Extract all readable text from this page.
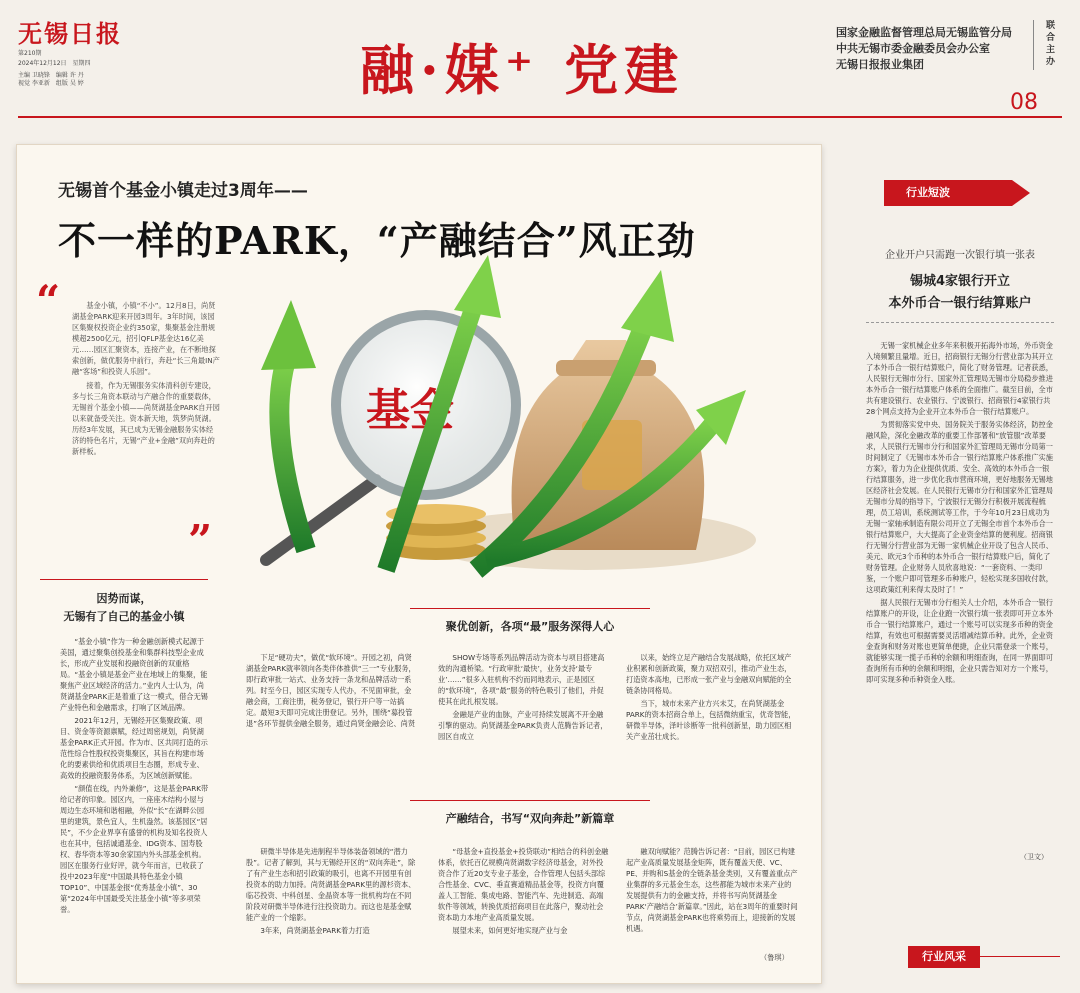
无锡日报
第210期
2024年12月12日　星期四
主编 卫晓锋　编辑 许 丹
视觉 李亚新　组版 吴 婷	融·媒⁺ 党建
国家金融监督管理总局无锡监管分局
中共无锡市委金融委员会办公室
无锡日报报业集团
联合主办
08
无锡首个基金小镇走过3周年——
不一样的PARK，“产融结合”风正劲
“	基金小镇，小镇“不小”。12月8日，尚贤湖基金PARK迎来开园3周年。3年时间，该园区集聚权投资企业约350家，集聚基金注册规模超2500亿元，招引QFLP基金达16亿美元……园区汇聚资本，连接产业，在不断地探索创新，做优服务中前行，奔赴“长三角最IN产融“客场”和投资人乐园”。

接着，作为无锡服务实体清科创专建设，多与长三角资本联动与产融合作的重要载体，无锡首个基金小镇——尚贤湖基金PARK自开园以来就备受关注。资本新天地，筑梦尚贤湖。历经3年发展，其已成为无锡金融服务实体经济的特色名片，无锡“产业+金融”双向奔赴的新样板。

”
基金
因势而谋，
无锡有了自己的基金小镇

“基金小镇”作为一种金融创新模式起源于美国，通过聚集创投基金和集群科技型企业成长，形成产业发展和投融资创新的双重格局。“基金小镇是基金产业在地域上的集聚，能聚焦产业区域经济的活力。”业内人士认为，尚贤湖基金PARK正是着重了这一模式，借合无锡产业特色和金融需求，打响了区域品牌。

2021年12月，无锡经开区集聚政策、项目、资金等资源禀赋，经过周密规划，尚贤湖基金PARK正式开园。作为市、区共同打造的示范性综合性股权投资集聚区，其旨在构建市场化的要素供给和优质项目生态圈，形成专业、高效的投融资服务体系，为区域创新赋能。

“颜值在线，内外兼修”，这是基金PARK带给记者的印象。园区内，一座座木结构小屋与周边生态环境和谐相融，外似“长”在湖畔公园里的建筑，景色宜人，生机盎然。该基园区“居民”，不少企业界享有盛誉的机构及知名投资人也在其中，包括诚通基金、IDG资本、国寿股权、春华资本等30余家国内外头部基金机构。园区在服务行业好评，就今年而言，已收获了投中2023年度“中国最具特色基金小镇TOP10”、中国基金报“优秀基金小镇”、30第“2024年中国最受关注基金小镇”等多项荣誉。

聚优创新，各项“最”服务深得人心

下足“硬功夫”，做优“软环境”。开园之初，尚贤湖基金PARK就率领向各类伴体推供“三一”专业服务，即行政审批一站式、业务支持一条龙和品牌活动一系列。时至今日，园区实现专人代办，不见面审批，金融会商，工商注册，税务登记，银行开户等一站搞定。最短3天即可完成注册登记。另外，围绕“募投管退”各环节提供金融全服务，通过尚贤金融会论、尚贤

SHOW专场等系列品牌活动为资本与项目搭建高效的沟通桥梁。“行政审批‘最快’，业务支持‘最专业’……”很多入驻机构不约而同地表示，正是园区的“软环境”，各项“最”服务的特色吸引了他们，并促使其在此扎根发展。

金融是产业的血脉，产业可持续发展离不开金融引擎的驱动。尚贤湖基金PARK负责人范腾告诉记者，园区自成立

以来，始终立足产融结合发展战略，依托区域产业积累和创新政策，聚力双招双引，推动产业生态，打造资本高地，已形成一张产业与金融双向赋能的全链条协同格局。

当下，城市未来产业方兴未艾，在尚贤湖基金PARK的资本招商合单上，包括微纳重宝，优奇智能，研微半导体，泽叶诊断等一批科创新星，助力园区相关产业茁壮成长。

产融结合，书写“双向奔赴”新篇章

研微半导体是先进制程半导体装备领域的“潜力股”。记者了解到，其与无锡经开区的“双向奔赴”，除了有产业生态和招引政策的吸引，也离不开园里有创投资本的助力加持。尚贤湖基金PARK里的源杉资本、临芯投资、中科创星、金晶资本等一批机构均在不同阶段对研微半导体进行注投资助力。而这也是基金赋能产业的一个缩影。

3年来，尚贤湖基金PARK着力打造

“母基金+直投基金+投贷联动”相结合的科创金融体系，依托百亿规模尚贤湖数字经济母基金，对外投资合作了近20支专业子基金，合作管理人包括头部综合性基金、CVC、垂直赛道精品基金等，投资方向覆盖人工智能、集成电路、智能汽车、先进制造、高端软件等领域，转换优质招商项目在此落户，聚动社会资本助力本地产业高质量发展。

展望未来，如何更好地实现产业与金

融双向赋能？范腾告诉记者：“目前，园区已构建起产业高质量发展基金矩阵，既有覆盖天使、VC、PE、并购和S基金的全链条基金类别，又有覆盖重点产业集群的多元基金生态，这些都能为城市未来产业的发展提供有力的金融支持，并将书写尚贤湖基金PARK‘产融结合’新篇章。”因此，站在3周年的重要时间节点，尚贤湖基金PARK也将乘势而上，迎接新的发展机遇。

（鲁琪）
行业短波
企业开户只需跑一次银行填一张表
锡城4家银行开立
本外币合一银行结算账户

无锡一家机械企业多年来积极开拓海外市场，外币资金入境频繁且量增。近日，招商银行无锡分行营业部为其开立了本外币合一银行结算账户，简化了财务管理。记者获悉，人民银行无锡市分行、国家外汇管理局无锡市分局稳步推进本外币合一银行结算账户体系的全面推广。截至目前，全市共有建设银行、农业银行、宁波银行、招商银行4家银行共28个网点支持为企业开立本外币合一银行结算账户。

为贯彻落实党中央、国务院关于服务实体经济，防控金融风险，深化金融改革的重要工作部署和“放管服”改革要求，人民银行无锡市分行和国家外汇管理局无锡市分局第一时间制定了《无锡市本外币合一银行结算账户体系推广实施方案》，着力为企业提供优质、安全、高效的本外币合一银行结算服务，进一步优化我市营商环境，更好地服务无锡地区经济社会发展。在人民银行无锡市分行和国家外汇管理局无锡市分局的指导下，宁波银行无锡分行积极开展流程梳理，员工培训，系统测试等工作，于今年10月23日成功为无锡一家轴承制造有限公司开立了无锡全市首个本外币合一银行结算账户，大大提高了企业资金结算的便利度。招商银行无锡分行营业部为无锡一家机械企业开设了包含人民币、美元、欧元3个币种的本外币合一银行结算账户后，简化了财务管理。企业财务人员欣喜地说：“一套资料、一类印鉴，一个账户即可管理多币种账户，轻松实现多国收付款，这项政策红利来得太及时了！”

据人民银行无锡市分行相关人士介绍，本外币合一银行结算账户的开设，让企业跑一次银行填一张表即可开立本外币合一银行结算账户，通过一个账号可以实现多币种的资金结算，有效也可根据需要灵活增减结算币种。此外，企业资金查询和财务对账也更简单便捷，企业只需登录一个账号，就能够实现一揽子币种的余额和明细查询，在同一界面即可查询所有币种的余额和明细，企业只需告知对方一个账号，即可实现多种币种资金入账。

（卫文）
行业风采
